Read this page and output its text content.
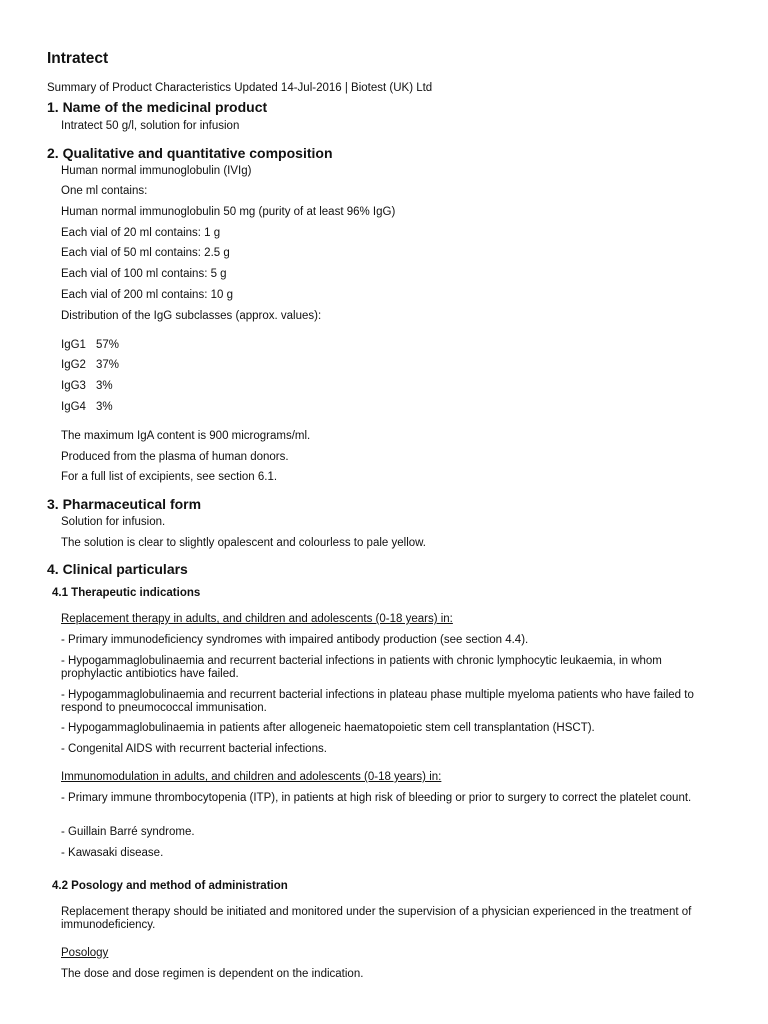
Intratect
Summary of Product Characteristics Updated 14-Jul-2016 | Biotest (UK) Ltd
1. Name of the medicinal product
Intratect 50 g/l, solution for infusion
2. Qualitative and quantitative composition
Human normal immunoglobulin (IVIg)
One ml contains:
Human normal immunoglobulin 50 mg (purity of at least 96% IgG)
Each vial of 20 ml contains: 1 g
Each vial of 50 ml contains: 2.5 g
Each vial of 100 ml contains: 5 g
Each vial of 200 ml contains: 10 g
Distribution of the IgG subclasses (approx. values):
IgG1 57%
IgG2 37%
IgG3 3%
IgG4 3%
The maximum IgA content is 900 micrograms/ml.
Produced from the plasma of human donors.
For a full list of excipients, see section 6.1.
3. Pharmaceutical form
Solution for infusion.
The solution is clear to slightly opalescent and colourless to pale yellow.
4. Clinical particulars
4.1 Therapeutic indications
Replacement therapy in adults, and children and adolescents (0-18 years) in:
- Primary immunodeficiency syndromes with impaired antibody production (see section 4.4).
- Hypogammaglobulinaemia and recurrent bacterial infections in patients with chronic lymphocytic leukaemia, in whom prophylactic antibiotics have failed.
- Hypogammaglobulinaemia and recurrent bacterial infections in plateau phase multiple myeloma patients who have failed to respond to pneumococcal immunisation.
- Hypogammaglobulinaemia in patients after allogeneic haematopoietic stem cell transplantation (HSCT).
- Congenital AIDS with recurrent bacterial infections.
Immunomodulation in adults, and children and adolescents (0-18 years) in:
- Primary immune thrombocytopenia (ITP), in patients at high risk of bleeding or prior to surgery to correct the platelet count.
- Guillain Barré syndrome.
- Kawasaki disease.
4.2 Posology and method of administration
Replacement therapy should be initiated and monitored under the supervision of a physician experienced in the treatment of immunodeficiency.
Posology
The dose and dose regimen is dependent on the indication.
